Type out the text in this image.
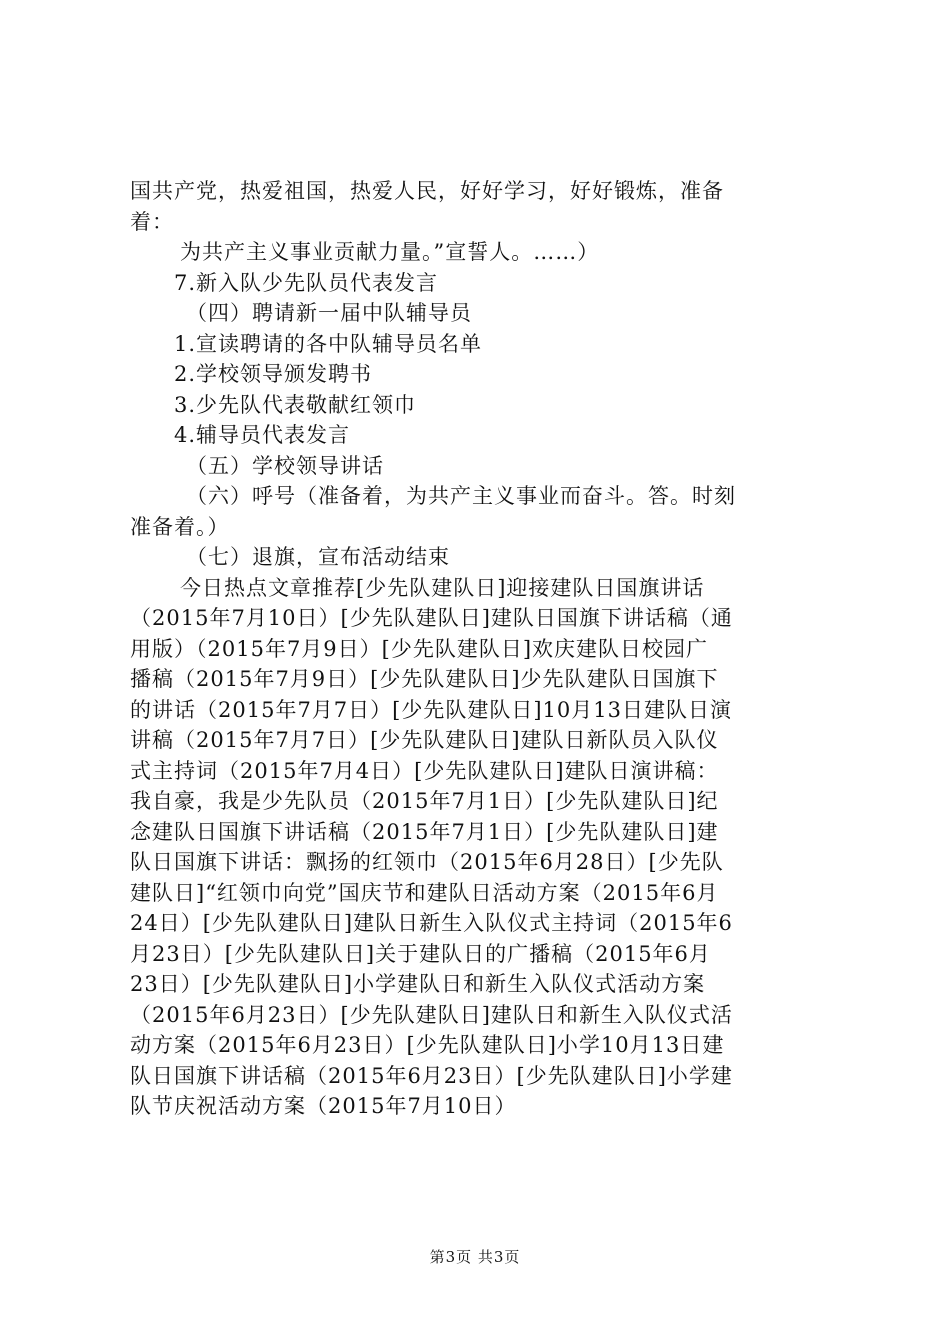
国共产党，热爱祖国，热爱人民，好好学习，好好锻炼，准备
着：
为共产主义事业贡献力量。”宣誓人。……）
7.新入队少先队员代表发言
（四）聘请新一届中队辅导员
1.宣读聘请的各中队辅导员名单
2.学校领导颁发聘书
3.少先队代表敬献红领巾
4.辅导员代表发言
（五）学校领导讲话
（六）呼号（准备着，为共产主义事业而奋斗。答。时刻
准备着。）
（七）退旗，宣布活动结束
今日热点文章推荐[少先队建队日]迎接建队日国旗讲话
（2015年7月10日）[少先队建队日]建队日国旗下讲话稿（通
用版）（2015年7月9日）[少先队建队日]欢庆建队日校园广
播稿（2015年7月9日）[少先队建队日]少先队建队日国旗下
的讲话（2015年7月7日）[少先队建队日]10月13日建队日演
讲稿（2015年7月7日）[少先队建队日]建队日新队员入队仪
式主持词（2015年7月4日）[少先队建队日]建队日演讲稿：
我自豪，我是少先队员（2015年7月1日）[少先队建队日]纪
念建队日国旗下讲话稿（2015年7月1日）[少先队建队日]建
队日国旗下讲话：飘扬的红领巾（2015年6月28日）[少先队
建队日]“红领巾向党”国庆节和建队日活动方案（2015年6月
24日）[少先队建队日]建队日新生入队仪式主持词（2015年6
月23日）[少先队建队日]关于建队日的广播稿（2015年6月
23日）[少先队建队日]小学建队日和新生入队仪式活动方案
（2015年6月23日）[少先队建队日]建队日和新生入队仪式活
动方案（2015年6月23日）[少先队建队日]小学10月13日建
队日国旗下讲话稿（2015年6月23日）[少先队建队日]小学建
队节庆祝活动方案（2015年7月10日）
第3页 共3页
